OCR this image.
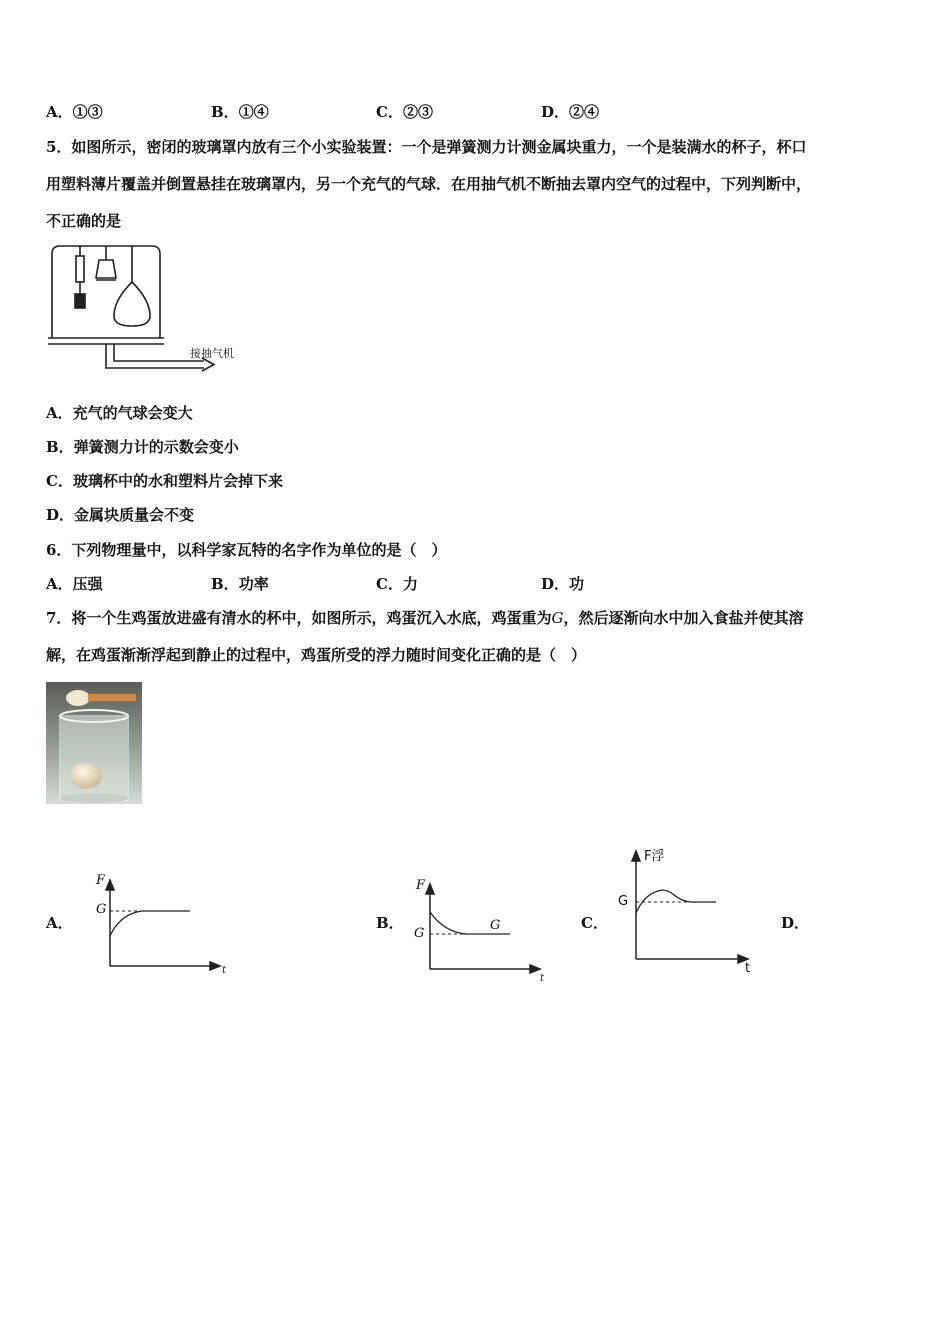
A．①③	B．①④	C．②③	D．②④
5．如图所示，密闭的玻璃罩内放有三个小实验装置：一个是弹簧测力计测金属块重力，一个是装满水的杯子，杯口
用塑料薄片覆盖并倒置悬挂在玻璃罩内，另一个充气的气球．在用抽气机不断抽去罩内空气的过程中，下列判断中，
不正确的是
接抽气机
A．充气的气球会变大
B．弹簧测力计的示数会变小
C．玻璃杯中的水和塑料片会掉下来
D．金属块质量会不变
6．下列物理量中，以科学家瓦特的名字作为单位的是（　）
A．压强	B．功率	C．力	D．功
7．将一个生鸡蛋放进盛有清水的杯中，如图所示，鸡蛋沉入水底，鸡蛋重为G，然后逐渐向水中加入食盐并使其溶
解，在鸡蛋渐渐浮起到静止的过程中，鸡蛋所受的浮力随时间变化正确的是（　）
A．	B．	C．	D．
F
t
G
F
t
G
G
F浮
t
G
